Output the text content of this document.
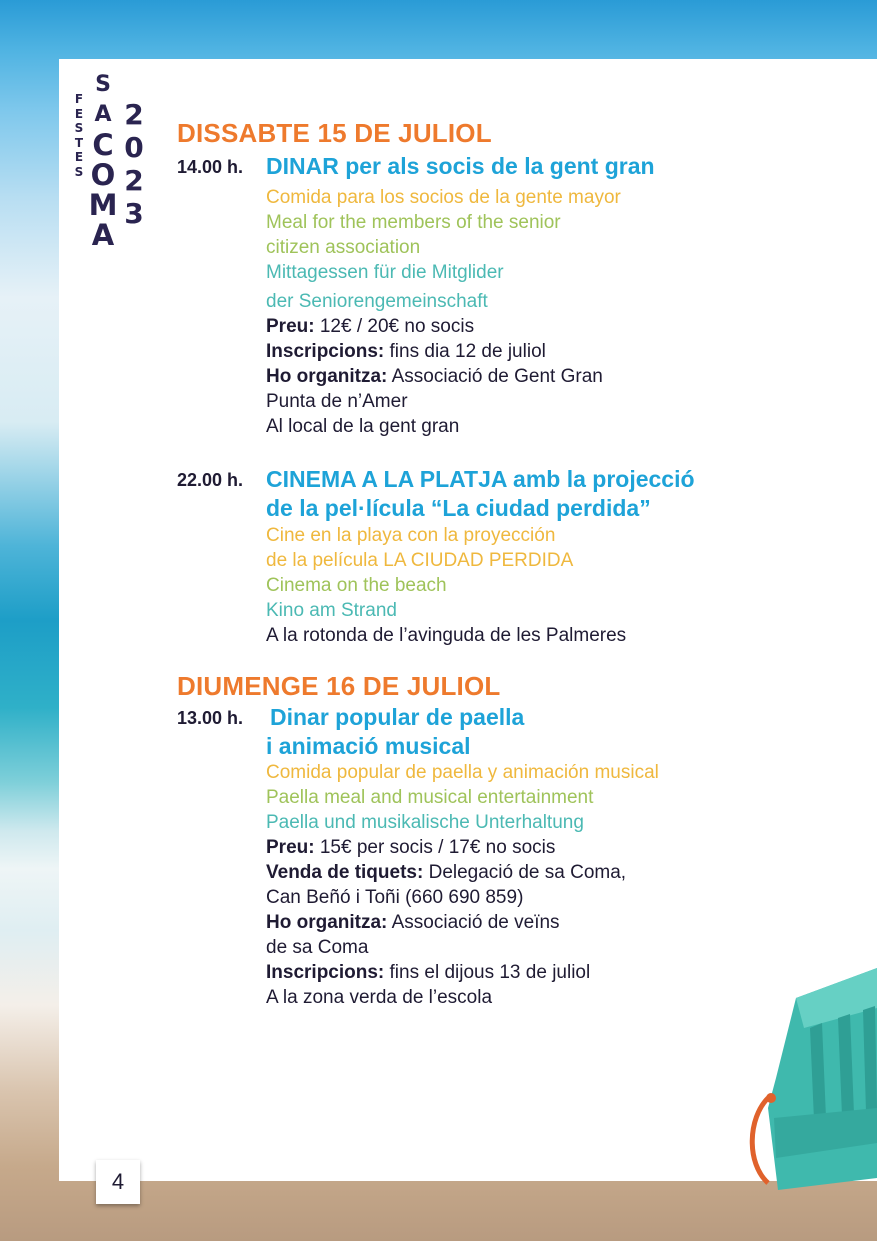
F
E
S
T
E
S
S
A
C
O
M
A
2
0
2
3
DISSABTE 15 DE JULIOL
14.00 h. DINAR per als socis de la gent gran
Comida para los socios de la gente mayor
Meal for the members of the senior
citizen association
Mittagessen für die Mitglider
der Seniorengemeinschaft
Preu: 12€ / 20€ no socis
Inscripcions: fins dia 12 de juliol
Ho organitza: Associació de Gent Gran
Punta de n’Amer
Al local de la gent gran
22.00 h. CINEMA A LA PLATJA amb la projecció
de la pel·lícula “La ciudad perdida”
Cine en la playa con la proyección
de la película LA CIUDAD PERDIDA
Cinema on the beach
Kino am Strand
A la rotonda de l’avinguda de les Palmeres
DIUMENGE 16 DE JULIOL
13.00 h. Dinar popular de paella
i animació musical
Comida popular de paella y animación musical
Paella meal and musical entertainment
Paella und musikalische Unterhaltung
Preu: 15€ per socis / 17€ no socis
Venda de tiquets: Delegació de sa Coma,
Can Beñó i Toñi (660 690 859)
Ho organitza: Associació de veïns
de sa Coma
Inscripcions: fins el dijous 13 de juliol
A la zona verda de l’escola
4
